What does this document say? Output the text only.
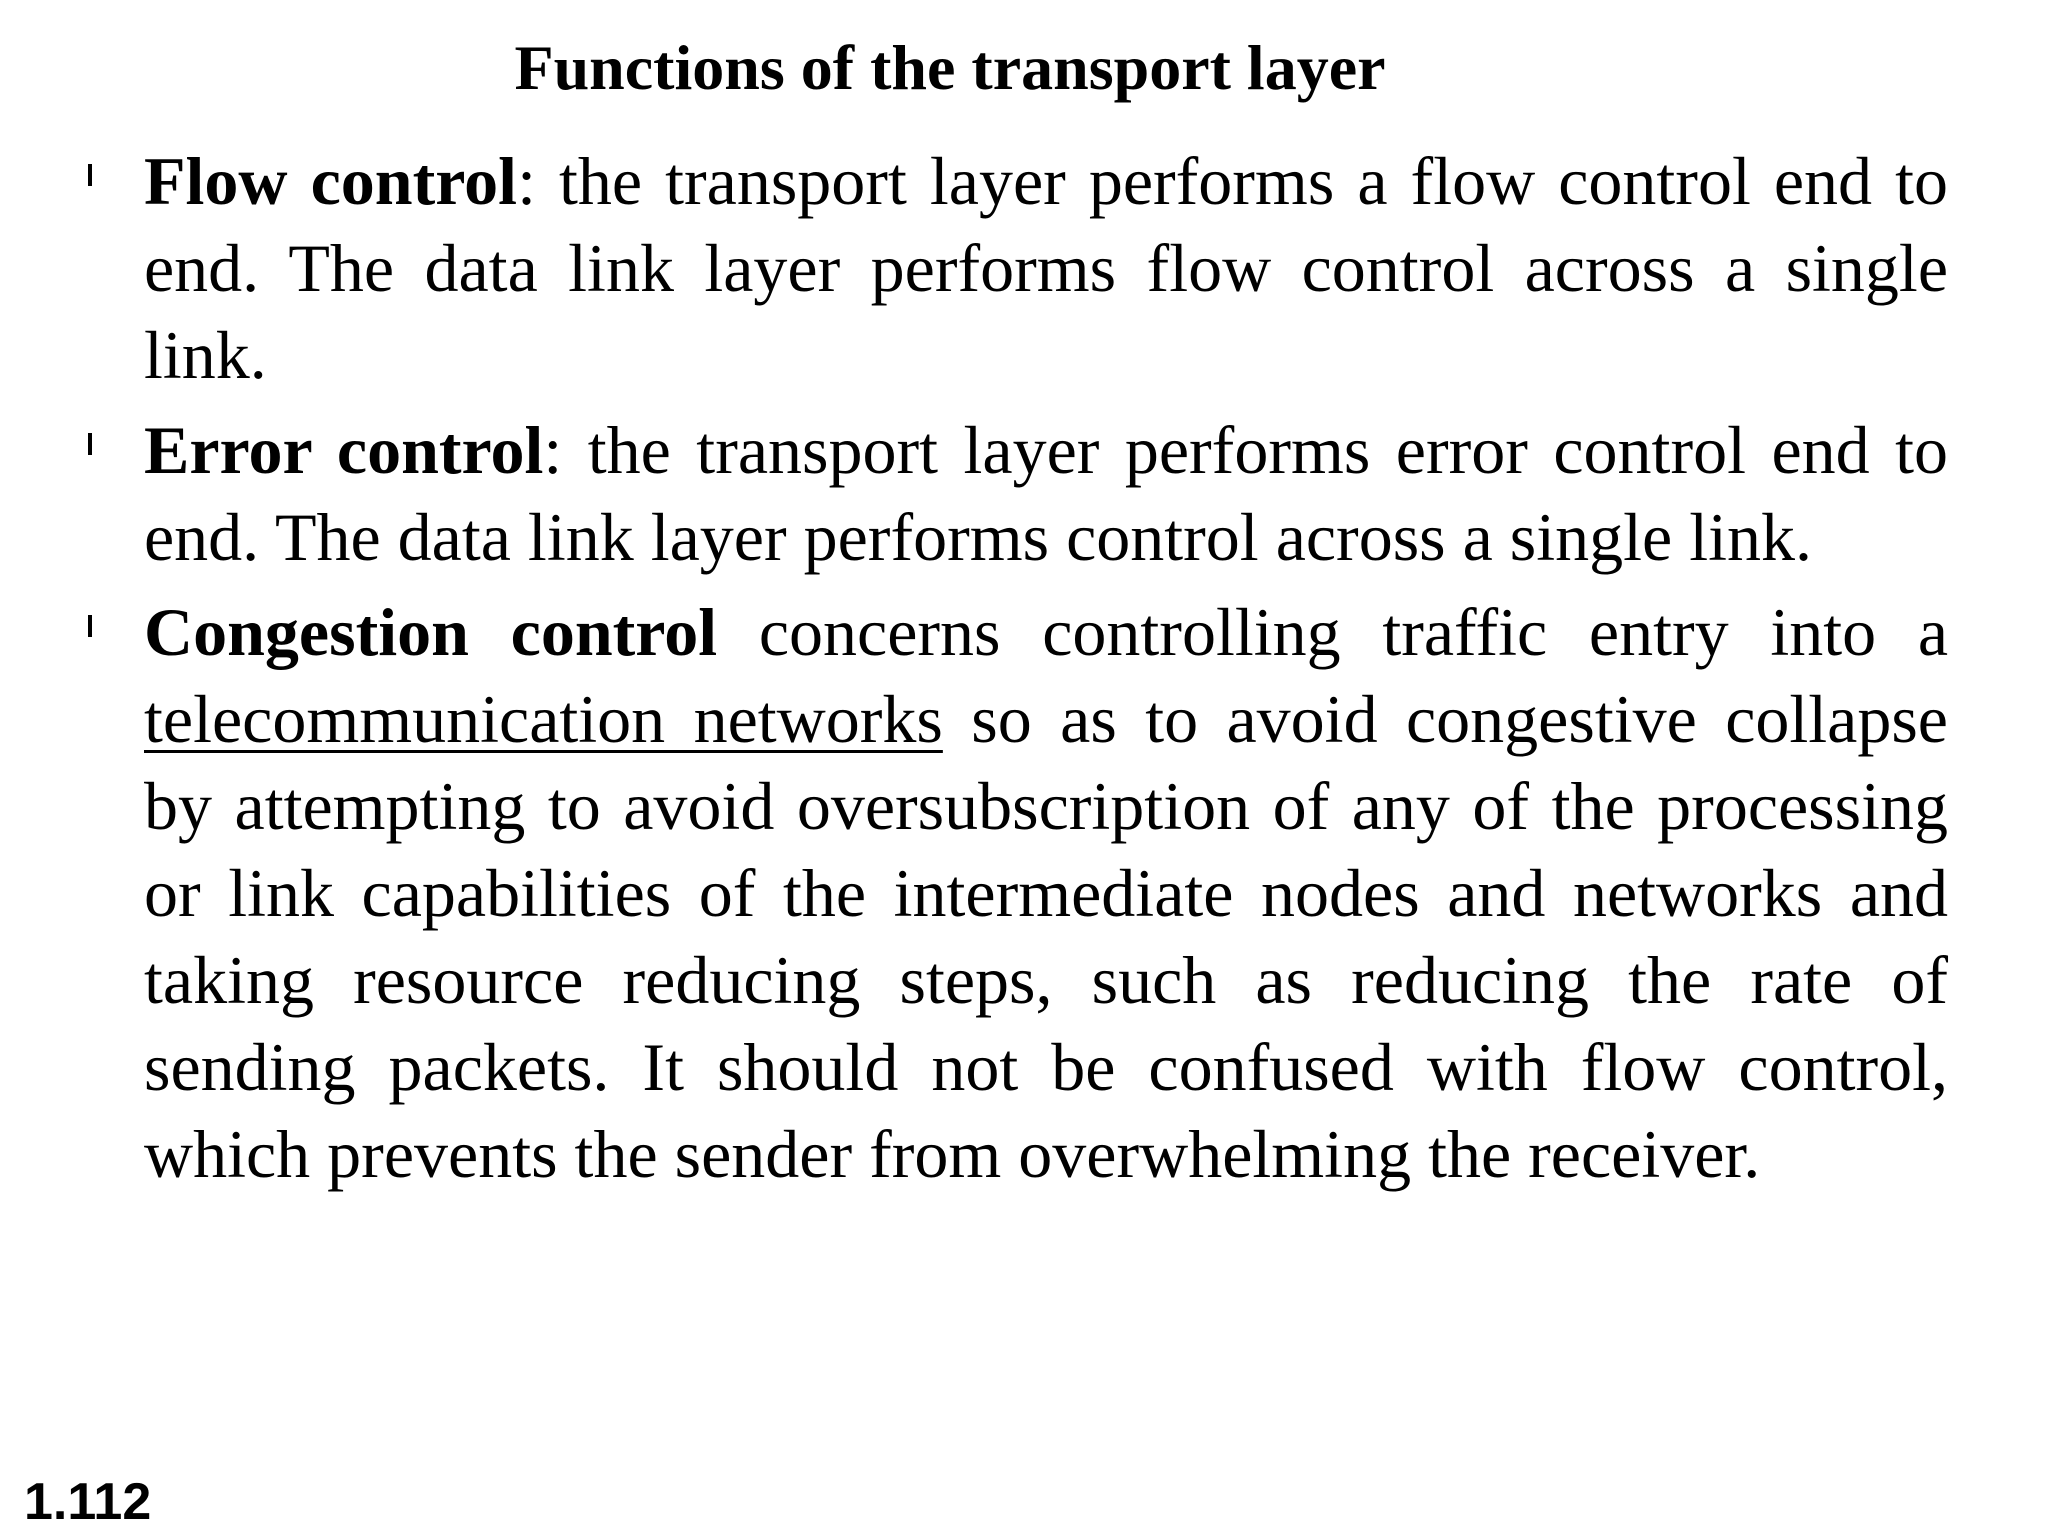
Functions of the transport layer
Flow control: the transport layer performs a flow control end to end. The data link layer performs flow control across a single link.
Error control: the transport layer performs error control end to end. The data link layer performs control across a single link.
Congestion control concerns controlling traffic entry into a telecommunication networks so as to avoid congestive collapse by attempting to avoid oversubscription of any of the processing or link capabilities of the intermediate nodes and networks and taking resource reducing steps, such as reducing the rate of sending packets. It should not be confused with flow control, which prevents the sender from overwhelming the receiver.
1.112
